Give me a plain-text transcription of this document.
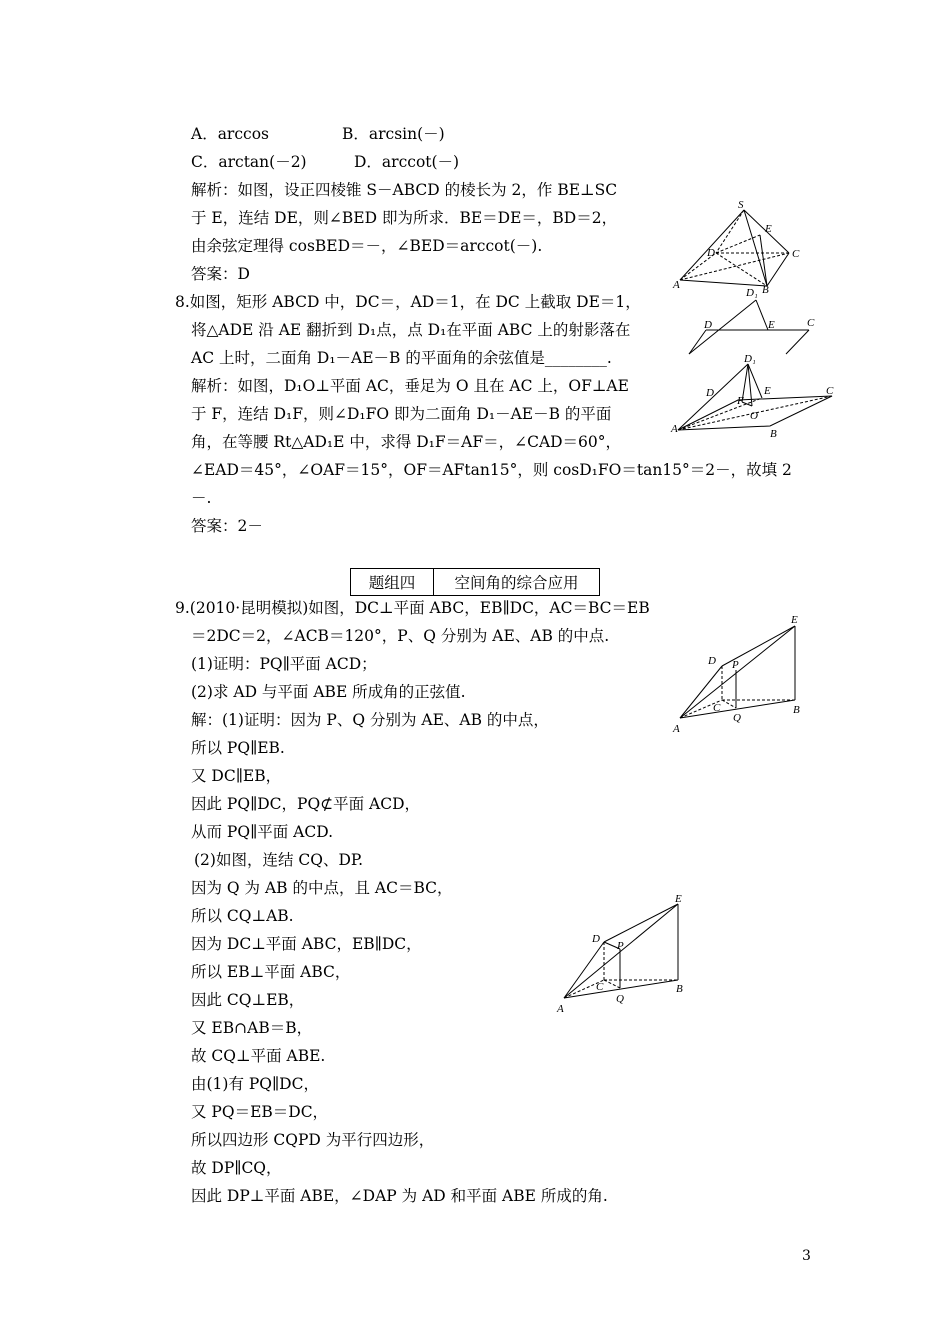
A．arccos	B．arcsin(－)
C．arctan(－2)	D．arccot(－)
解析：如图，设正四棱锥 S－ABCD 的棱长为 2，作 BE⊥SC
于 E，连结 DE，则∠BED 即为所求．BE＝DE＝，BD＝2，
由余弦定理得 cosBED＝－，∠BED＝arccot(－).
答案：D
8.如图，矩形 ABCD 中，DC＝，AD＝1，在 DC 上截取 DE＝1，
将△ADE 沿 AE 翻折到 D₁点，点 D₁在平面 ABC 上的射影落在
AC 上时，二面角 D₁－AE－B 的平面角的余弦值是________.
解析：如图，D₁O⊥平面 AC，垂足为 O 且在 AC 上，OF⊥AE
于 F，连结 D₁F，则∠D₁FO 即为二面角 D₁－AE－B 的平面
角，在等腰 Rt△AD₁E 中，求得 D₁F＝AF＝，∠CAD＝60°，
∠EAD＝45°，∠OAF＝15°，OF＝AFtan15°，则 cosD₁FO＝tan15°＝2－，故填 2
－.
答案：2－
题组四	空间角的综合应用
9.(2010·昆明模拟)如图，DC⊥平面 ABC，EB∥DC，AC＝BC＝EB
＝2DC＝2，∠ACB＝120°，P、Q 分别为 AE、AB 的中点.
(1)证明：PQ∥平面 ACD；
(2)求 AD 与平面 ABE 所成角的正弦值.
解：(1)证明：因为 P、Q 分别为 AE、AB 的中点，
所以 PQ∥EB.
又 DC∥EB，
因此 PQ∥DC，PQ⊄平面 ACD，
从而 PQ∥平面 ACD.
(2)如图，连结 CQ、DP.
因为 Q 为 AB 的中点，且 AC＝BC，
所以 CQ⊥AB.
因为 DC⊥平面 ABC，EB∥DC，
所以 EB⊥平面 ABC，
因此 CQ⊥EB，
又 EB∩AB＝B，
故 CQ⊥平面 ABE.
由(1)有 PQ∥DC，
又 PQ＝EB＝DC，
所以四边形 CQPD 为平行四边形，
故 DP∥CQ，
因此 DP⊥平面 ABE，∠DAP 为 AD 和平面 ABE 所成的角.
S
E
D	C
A	B
D₁
D	E	C
D₁
D	E	C
F
O
A	B
E
D P
C
A
Q
B
E
D
P
C
A
Q
B
3
